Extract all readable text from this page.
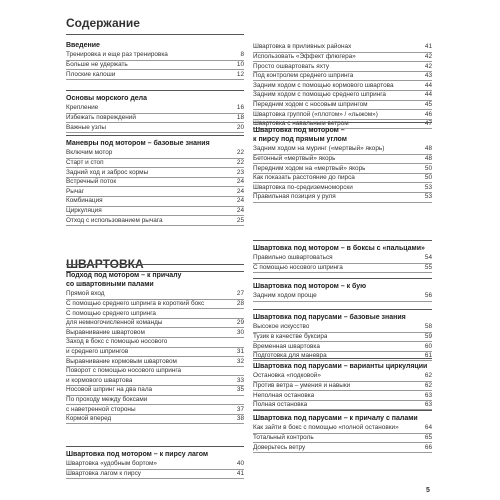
Содержание
ШВАРТОВКА
Введение
Тренировка и еще раз тренировка	8
Больше не удержать	10
Плоские калоши	12
Основы морского дела
Крепление	16
Избежать повреждений	18
Важные узлы	20
Маневры под мотором – базовые знания
Включим мотор	22
Старт и стоп	22
Задний ход и заброс кормы	23
Встречный поток	24
Рычаг	24
Комбинация	24
Циркуляция	24
Отход с использованием рычага	25
Подход под мотором – к причалу
со швартовными палами
Прямой вход	27
С помощью среднего шпринга в короткий бокс	28
С помощью среднего шпринга
для немногочисленной команды	29
Выравнивание швартовом	30
Заход в бокс с помощью носового
и среднего шпрингов	31
Выравнивание кормовым швартовом	32
Поворот с помощью носового шпринга
и кормового швартова	33
Носовой шпринг на два пала	35
По проходу между боксами
с наветренной стороны	37
Кормой вперед	38
Швартовка под мотором – к пирсу лагом
Швартовка «удобным бортом»	40
Швартовка лагом к пирсу	41
Швартовка в приливных районах	41
Использовать «Эффект флюгера»	42
Просто ошвартовать яхту	42
Под контролем среднего шпринга	43
Задним ходом с помощью кормового швартова	44
Задним ходом с помощью среднего шпринга	44
Передним ходом с носовым шпрингом	45
Швартовка группой («плотом» / «лыжом»)	46
Швартовка с навальным ветром	47
Швартовка под мотором –
к пирсу под прямым углом
Задним ходом на муринг («мертвый» якорь)	48
Бетонный «мертвый» якорь	48
Передним ходом на «мертвый» якорь	50
Как показать расстояние до пирса	50
Швартовка по-средиземноморски	53
Правильная позиция у руля	53
Швартовка под мотором – в боксы с «пальцами»
Правильно ошвартоваться	54
С помощью носового шпринга	55
Швартовка под мотором – к бую
Задним ходом проще	56
Швартовка под парусами – базовые знания
Высокое искусство	58
Тузик в качестве буксира	59
Временная швартовка	60
Подготовка для маневра	61
Швартовка под парусами – варианты циркуляции
Остановка «подковой»	62
Против ветра – умения и навыки	62
Неполная остановка	63
Полная остановка	63
Швартовка под парусами – к причалу с палами
Как зайти в бокс с помощью «полной остановки»	64
Тотальный контроль	65
Доверьтесь ветру	66
5
